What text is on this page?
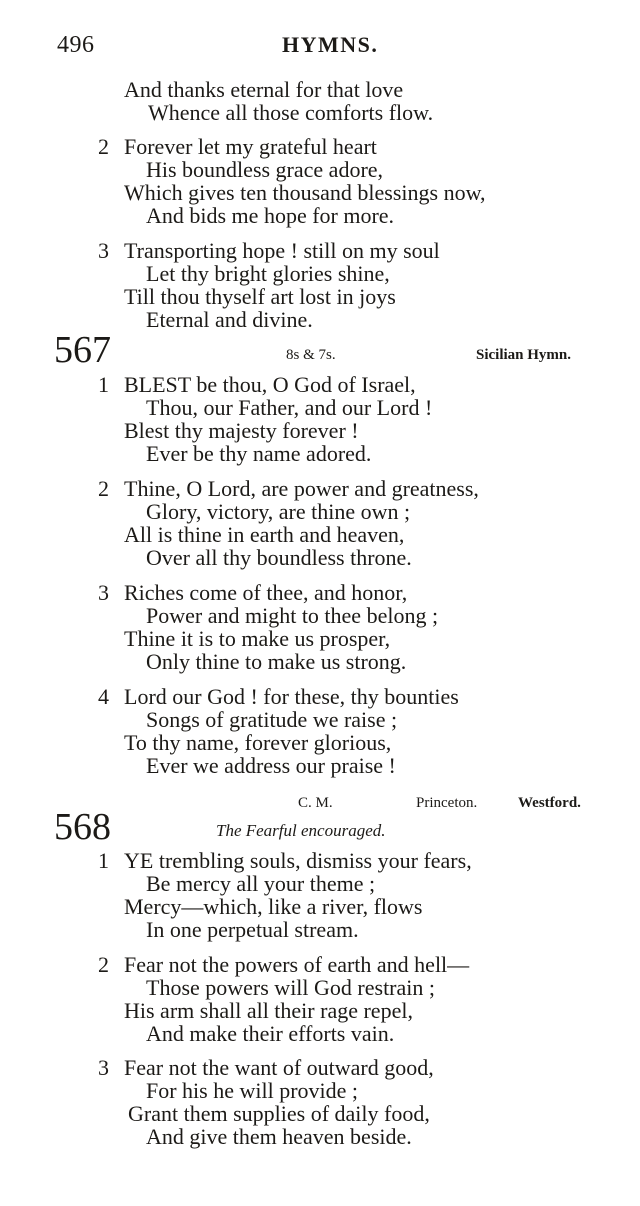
496	HYMNS.
And thanks eternal for that love
Whence all those comforts flow.
2 Forever let my grateful heart
His boundless grace adore,
Which gives ten thousand blessings now,
And bids me hope for more.
3 Transporting hope ! still on my soul
Let thy bright glories shine,
Till thou thyself art lost in joys
Eternal and divine.
567	8s & 7s.	Sicilian Hymn.
1 BLEST be thou, O God of Israel,
Thou, our Father, and our Lord !
Blest thy majesty forever !
Ever be thy name adored.
2 Thine, O Lord, are power and greatness,
Glory, victory, are thine own ;
All is thine in earth and heaven,
Over all thy boundless throne.
3 Riches come of thee, and honor,
Power and might to thee belong ;
Thine it is to make us prosper,
Only thine to make us strong.
4 Lord our God ! for these, thy bounties
Songs of gratitude we raise ;
To thy name, forever glorious,
Ever we address our praise !
C. M.	Princeton.	Westford.
568	The Fearful encouraged.
1 YE trembling souls, dismiss your fears,
Be mercy all your theme ;
Mercy—which, like a river, flows
In one perpetual stream.
2 Fear not the powers of earth and hell—
Those powers will God restrain ;
His arm shall all their rage repel,
And make their efforts vain.
3 Fear not the want of outward good,
For his he will provide ;
Grant them supplies of daily food,
And give them heaven beside.
